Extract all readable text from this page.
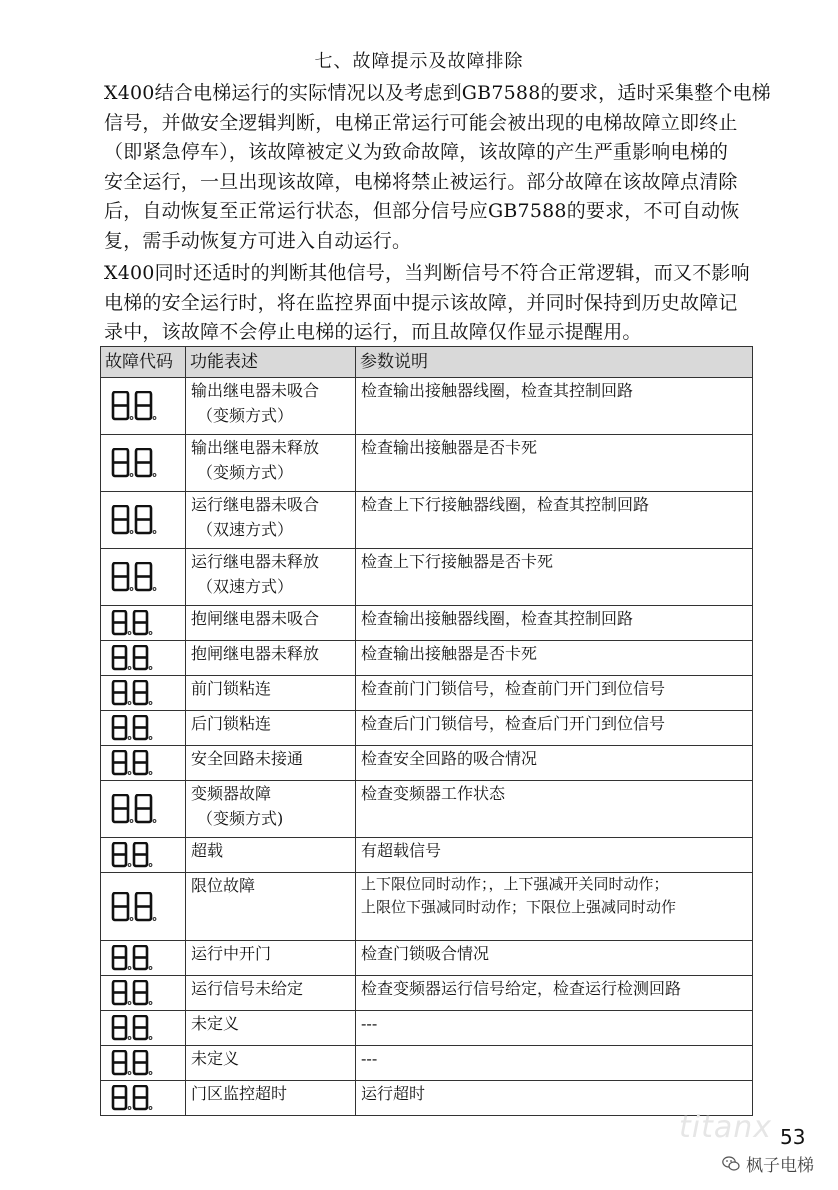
七、故障提示及故障排除
X400结合电梯运行的实际情况以及考虑到GB7588的要求，适时采集整个电梯
信号，并做安全逻辑判断，电梯正常运行可能会被出现的电梯故障立即终止
（即紧急停车），该故障被定义为致命故障，该故障的产生严重影响电梯的
安全运行，一旦出现该故障，电梯将禁止被运行。部分故障在该故障点清除
后，自动恢复至正常运行状态，但部分信号应GB7588的要求，不可自动恢
复，需手动恢复方可进入自动运行。
X400同时还适时的判断其他信号，当判断信号不符合正常逻辑，而又不影响
电梯的安全运行时，将在监控界面中提示该故障，并同时保持到历史故障记
录中，该故障不会停止电梯的运行，而且故障仅作显示提醒用。
故障代码	功能表述	参数说明

输出继电器未吸合
（变频方式）	检查输出接触器线圈，检查其控制回路

输出继电器未释放
（变频方式）	检查输出接触器是否卡死

运行继电器未吸合
（双速方式）	检查上下行接触器线圈，检查其控制回路

运行继电器未释放
（双速方式）	检查上下行接触器是否卡死

抱闸继电器未吸合	检查输出接触器线圈，检查其控制回路

抱闸继电器未释放	检查输出接触器是否卡死

前门锁粘连	检查前门门锁信号，检查前门开门到位信号

后门锁粘连	检查后门门锁信号，检查后门开门到位信号

安全回路未接通	检查安全回路的吸合情况

变频器故障
（变频方式)	检查变频器工作状态

超载	有超载信号

限位故障	上下限位同时动作；，上下强减开关同时动作；
上限位下强减同时动作；下限位上强减同时动作

运行中开门	检查门锁吸合情况

运行信号未给定	检查变频器运行信号给定，检查运行检测回路

未定义	---

未定义	---

门区监控超时	运行超时
titanx 53
枫子电梯
